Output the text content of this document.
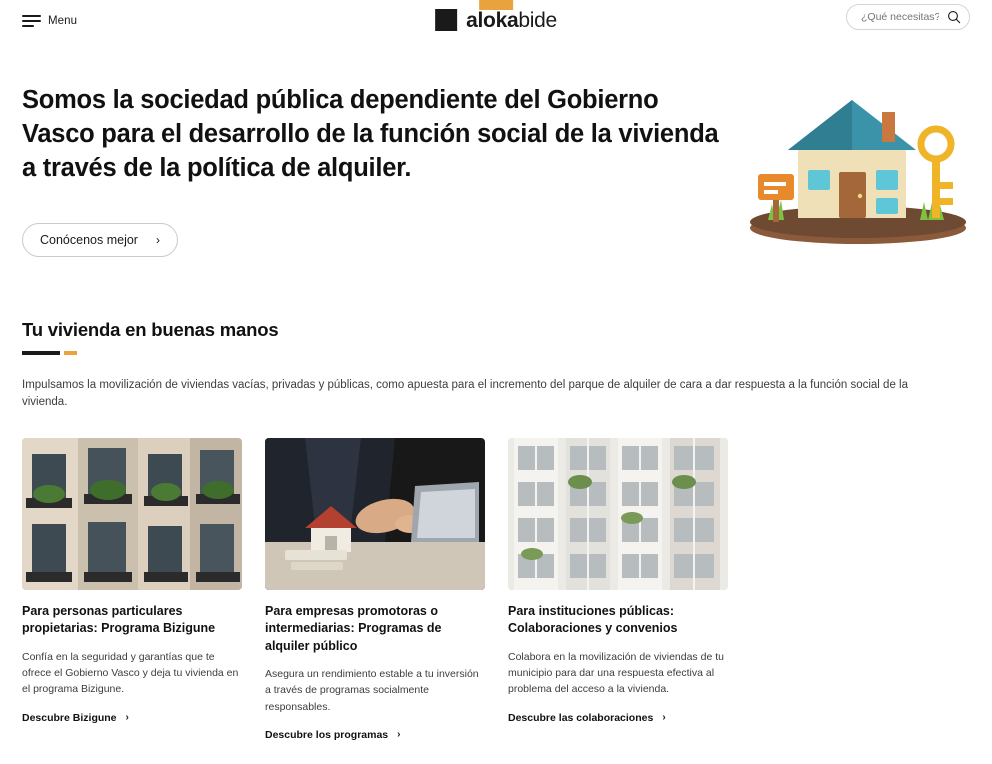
Menu	alokabide
¿Qué necesitas?
Somos la sociedad pública dependiente del Gobierno Vasco para el desarrollo de la función social de la vivienda a través de la política de alquiler.
Conócenos mejor ›
Tu vivienda en buenas manos

Impulsamos la movilización de viviendas vacías, privadas y públicas, como apuesta para el incremento del parque de alquiler de cara a dar respuesta a la función social de la vivienda.

Para personas particulares propietarias: Programa Bizigune
Confía en la seguridad y garantías que te ofrece el Gobierno Vasco y deja tu vivienda en el programa Bizigune.
Descubre Bizigune ›
Para empresas promotoras o intermediarias: Programas de alquiler público
Asegura un rendimiento estable a tu inversión a través de programas socialmente responsables.
Descubre los programas ›
Para instituciones públicas: Colaboraciones y convenios
Colabora en la movilización de viviendas de tu municipio para dar una respuesta efectiva al problema del acceso a la vivienda.
Descubre las colaboraciones ›
